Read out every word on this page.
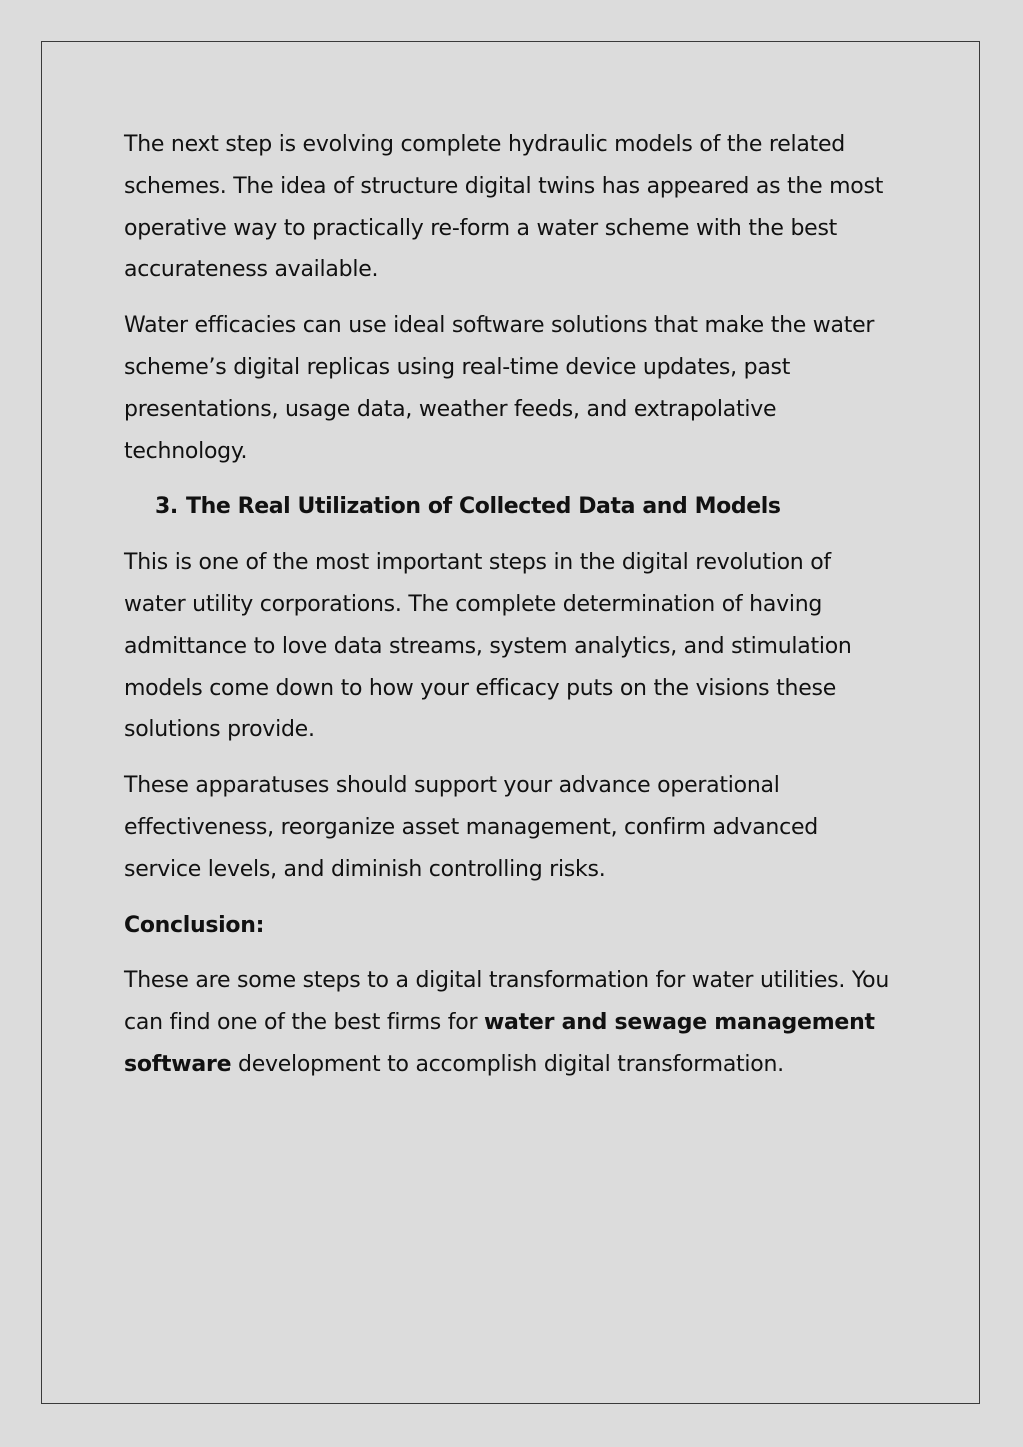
The next step is evolving complete hydraulic models of the related schemes. The idea of structure digital twins has appeared as the most operative way to practically re-form a water scheme with the best accurateness available.

Water efficacies can use ideal software solutions that make the water scheme’s digital replicas using real-time device updates, past presentations, usage data, weather feeds, and extrapolative technology.

3. The Real Utilization of Collected Data and Models

This is one of the most important steps in the digital revolution of water utility corporations. The complete determination of having admittance to love data streams, system analytics, and stimulation models come down to how your efficacy puts on the visions these solutions provide.

These apparatuses should support your advance operational effectiveness, reorganize asset management, confirm advanced service levels, and diminish controlling risks.

Conclusion:

These are some steps to a digital transformation for water utilities. You can find one of the best firms for water and sewage management software development to accomplish digital transformation.
